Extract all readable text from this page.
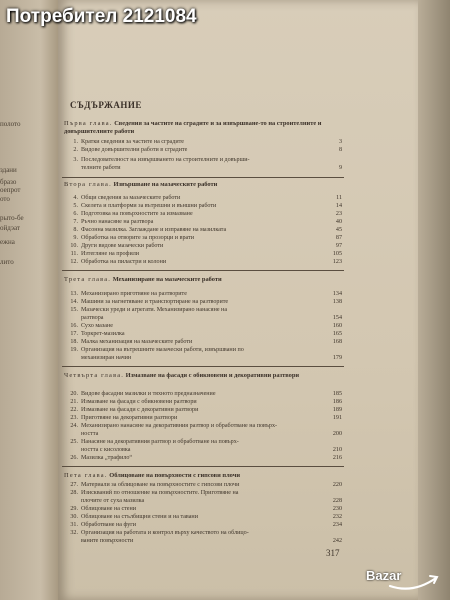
полото
здани
бразо
оепрот
ото
рыто-бе
ойдэат
ежна
лито
Потребител 2121084
СЪДЪРЖАНИЕ
Първа глава. Сведения за частите на сградите и за извършване-то на строителните и довършителните работи
1. Кратки сведения за частите на сградите	3
2. Видове довършителни работи в сградите	8
3. Последователност на извършването на строителните и довърши-
телните работи	9
Втора глава. Извършване на мазаческите работи
4. Общи сведения за мазаческите работи	11
5. Скелета и платформи за вътрешни и външни работи	14
6. Подготовка на повърхностите за измазване	23
7. Ръчно нанасяне на разтвора	40
8. Фасонна мазилка. Заглаждане и изправяне на мазилката	45
9. Обработка на отворите за прозорци и врати	87
10. Други видове мазачески работи	97
11. Изтегляне на профили	105
12. Обработка на пиластри и колони	123
Трета глава. Механизиране на мазаческите работи
13. Механизирано приготвяне на разтворите	134
14. Машини за нагнетяване и транспортиране на разтворите	138
15. Мазачески уреди и агрегати. Механизирано нанасяне на
разтвора	154
16. Сухо мазане	160
17. Торкрет-мазилка	165
18. Малка механизация на мазаческите работи	168
19. Организация на вътрешните мазачески работи, извършвани по
механизиран начин	179
Четвърта глава. Измазване на фасади с обикновени и декоративни разтвори
20. Видове фасадни мазилки и тяхното предназначение	185
21. Измазване на фасади с обикновени разтвори	186
22. Измазване на фасади с декоративни разтвори	189
23. Приготвяне на декоративни разтвори	191
24. Механизирано нанасяне на декоративния разтвор и обработване на повърх-
ността	200
25. Нанасяне на декоративния разтвор и обработване на повърх-
ността с кисоловка	210
26. Мазилка „трафило“	216
Пета глава. Облицоване на повърхности с гипсови плочи
27. Материали за облицоване на повърхностите с гипсови плочи	220
28. Изискваний по отношение на повърхностите. Приготвяне на
плочите от суха мазилка	228
29. Облицоване на стени	230
30. Облицоване на стълбищни стени и на тавани	232
31. Обработване на фуги	234
32. Организация на работата и контрол върху качеството на облицо-
ваните повърхности	242
317
Bazar
